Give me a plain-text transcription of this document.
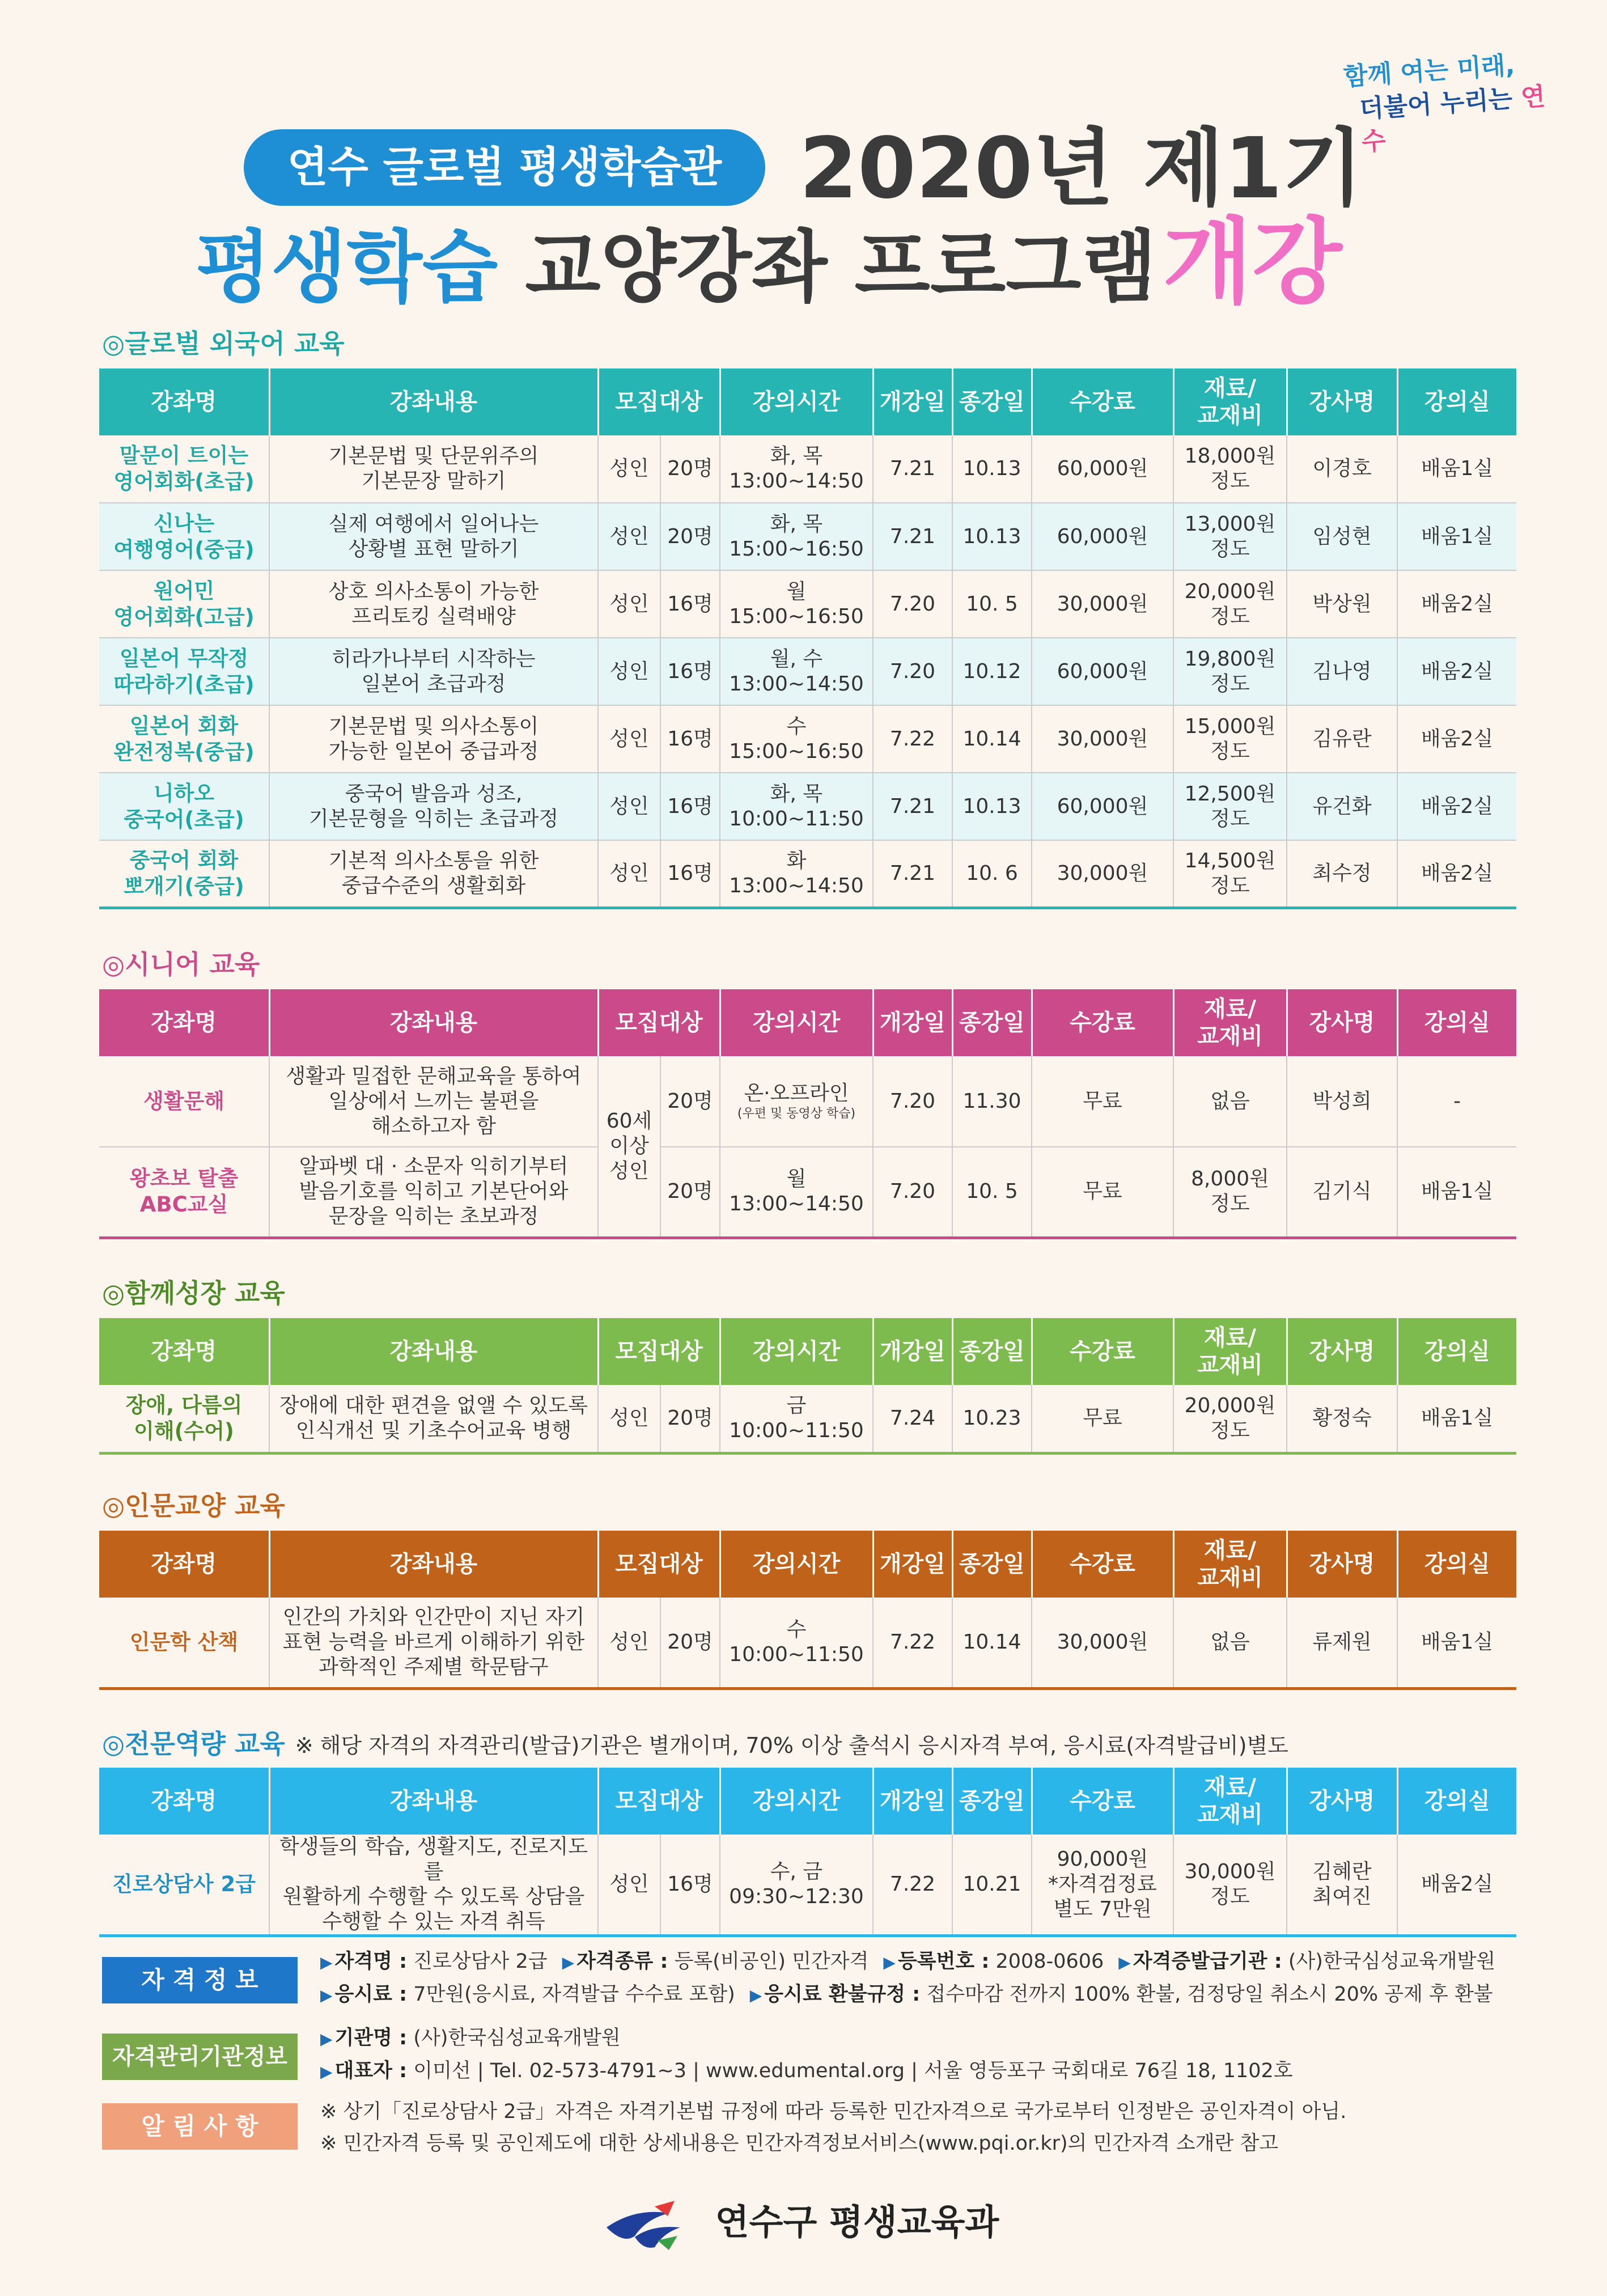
함께 여는 미래,
더불어 누리는 연수
연수 글로벌 평생학습관 2020년 제1기
평생학습 교양강좌 프로그램개강
◎글로벌 외국어 교육
강좌명	강좌내용	모집대상		강의시간	개강일	종강일	수강료	재료/
교재비	강사명	강의실
말문이 트이는
영어회화(초급)	기본문법 및 단문위주의
기본문장 말하기	성인	20명	화, 목
13:00~14:50	7.21	10.13	60,000원	18,000원
정도	이경호	배움1실
신나는
여행영어(중급)	실제 여행에서 일어나는
상황별 표현 말하기	성인	20명	화, 목
15:00~16:50	7.21	10.13	60,000원	13,000원
정도	임성현	배움1실
원어민
영어회화(고급)	상호 의사소통이 가능한
프리토킹 실력배양	성인	16명	월
15:00~16:50	7.20	10. 5	30,000원	20,000원
정도	박상원	배움2실
일본어 무작정
따라하기(초급)	히라가나부터 시작하는
일본어 초급과정	성인	16명	월, 수
13:00~14:50	7.20	10.12	60,000원	19,800원
정도	김나영	배움2실
일본어 회화
완전정복(중급)	기본문법 및 의사소통이
가능한 일본어 중급과정	성인	16명	수
15:00~16:50	7.22	10.14	30,000원	15,000원
정도	김유란	배움2실
니하오
중국어(초급)	중국어 발음과 성조,
기본문형을 익히는 초급과정	성인	16명	화, 목
10:00~11:50	7.21	10.13	60,000원	12,500원
정도	유건화	배움2실
중국어 회화
뽀개기(중급)	기본적 의사소통을 위한
중급수준의 생활회화	성인	16명	화
13:00~14:50	7.21	10. 6	30,000원	14,500원
정도	최수정	배움2실
◎시니어 교육
강좌명	강좌내용	모집대상		강의시간	개강일	종강일	수강료	재료/
교재비	강사명	강의실
생활문해	생활과 밀접한 문해교육을 통하여
일상에서 느끼는 불편을
해소하고자 함	60세
이상
성인	20명	온·오프라인
(우편 및 동영상 학습)	7.20	11.30	무료	없음	박성희	-
왕초보 탈출
ABC교실	알파벳 대 · 소문자 익히기부터
발음기호를 익히고 기본단어와
문장을 익히는 초보과정		20명	월
13:00~14:50	7.20	10. 5	무료	8,000원
정도	김기식	배움1실
◎함께성장 교육
강좌명	강좌내용	모집대상		강의시간	개강일	종강일	수강료	재료/
교재비	강사명	강의실
장애, 다름의
이해(수어)	장애에 대한 편견을 없앨 수 있도록
인식개선 및 기초수어교육 병행	성인	20명	금
10:00~11:50	7.24	10.23	무료	20,000원
정도	황정숙	배움1실
◎인문교양 교육
강좌명	강좌내용	모집대상		강의시간	개강일	종강일	수강료	재료/
교재비	강사명	강의실
인문학 산책	인간의 가치와 인간만이 지닌 자기
표현 능력을 바르게 이해하기 위한
과학적인 주제별 학문탐구	성인	20명	수
10:00~11:50	7.22	10.14	30,000원	없음	류제원	배움1실
◎전문역량 교육 ※ 해당 자격의 자격관리(발급)기관은 별개이며, 70% 이상 출석시 응시자격 부여, 응시료(자격발급비)별도
강좌명	강좌내용	모집대상		강의시간	개강일	종강일	수강료	재료/
교재비	강사명	강의실
진로상담사 2급	학생들의 학습, 생활지도, 진로지도를
원활하게 수행할 수 있도록 상담을
수행할 수 있는 자격 취득	성인	16명	수, 금
09:30~12:30	7.22	10.21	90,000원
*자격검정료
별도 7만원	30,000원
정도	김혜란
최여진	배움2실
자 격 정 보
▶ 자격명 : 진로상담사 2급 ▶ 자격종류 : 등록(비공인) 민간자격 ▶ 등록번호 : 2008-0606 ▶ 자격증발급기관 : (사)한국심성교육개발원
▶ 응시료 : 7만원(응시료, 자격발급 수수료 포함) ▶ 응시료 환불규정 : 접수마감 전까지 100% 환불, 검정당일 취소시 20% 공제 후 환불
자격관리기관정보
▶ 기관명 : (사)한국심성교육개발원
▶ 대표자 : 이미선 | Tel. 02-573-4791~3 | www.edumental.org | 서울 영등포구 국회대로 76길 18, 1102호
알 림 사 항
※ 상기「진로상담사 2급」자격은 자격기본법 규정에 따라 등록한 민간자격으로 국가로부터 인정받은 공인자격이 아님.
※ 민간자격 등록 및 공인제도에 대한 상세내용은 민간자격정보서비스(www.pqi.or.kr)의 민간자격 소개란 참고
연수구 평생교육과
